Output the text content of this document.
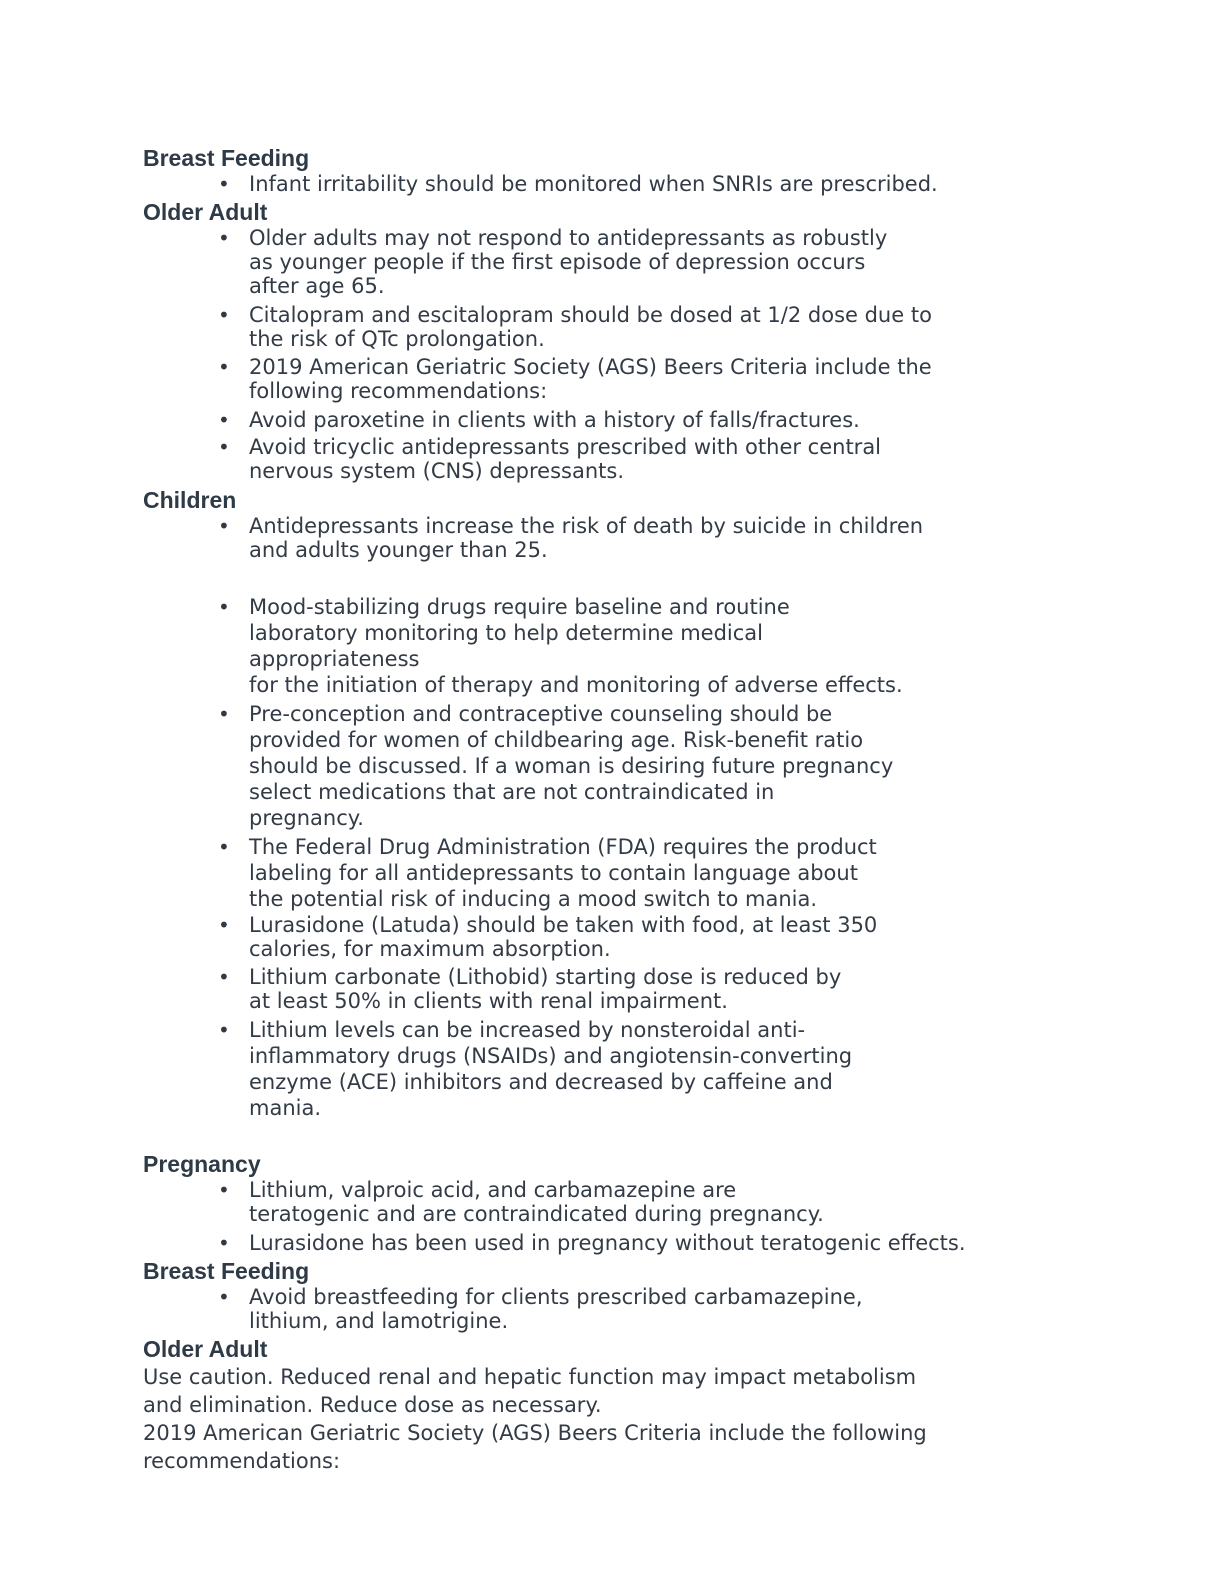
Breast Feeding
• Infant irritability should be monitored when SNRIs are prescribed.
Older Adult
• Older adults may not respond to antidepressants as robustly
as younger people if the first episode of depression occurs
after age 65.
• Citalopram and escitalopram should be dosed at 1/2 dose due to
the risk of QTc prolongation.
• 2019 American Geriatric Society (AGS) Beers Criteria include the
following recommendations:
• Avoid paroxetine in clients with a history of falls/fractures.
• Avoid tricyclic antidepressants prescribed with other central
nervous system (CNS) depressants.
Children
• Antidepressants increase the risk of death by suicide in children
and adults younger than 25.
• Mood-stabilizing drugs require baseline and routine
laboratory monitoring to help determine medical
appropriateness
for the initiation of therapy and monitoring of adverse effects.
• Pre-conception and contraceptive counseling should be
provided for women of childbearing age. Risk-benefit ratio
should be discussed. If a woman is desiring future pregnancy
select medications that are not contraindicated in
pregnancy.
• The Federal Drug Administration (FDA) requires the product
labeling for all antidepressants to contain language about
the potential risk of inducing a mood switch to mania.
• Lurasidone (Latuda) should be taken with food, at least 350
calories, for maximum absorption.
• Lithium carbonate (Lithobid) starting dose is reduced by
at least 50% in clients with renal impairment.
• Lithium levels can be increased by nonsteroidal anti-
inflammatory drugs (NSAIDs) and angiotensin-converting
enzyme (ACE) inhibitors and decreased by caffeine and
mania.
Pregnancy
• Lithium, valproic acid, and carbamazepine are
teratogenic and are contraindicated during pregnancy.
• Lurasidone has been used in pregnancy without teratogenic effects.
Breast Feeding
• Avoid breastfeeding for clients prescribed carbamazepine,
lithium, and lamotrigine.
Older Adult
Use caution. Reduced renal and hepatic function may impact metabolism
and elimination. Reduce dose as necessary.
2019 American Geriatric Society (AGS) Beers Criteria include the following
recommendations:
